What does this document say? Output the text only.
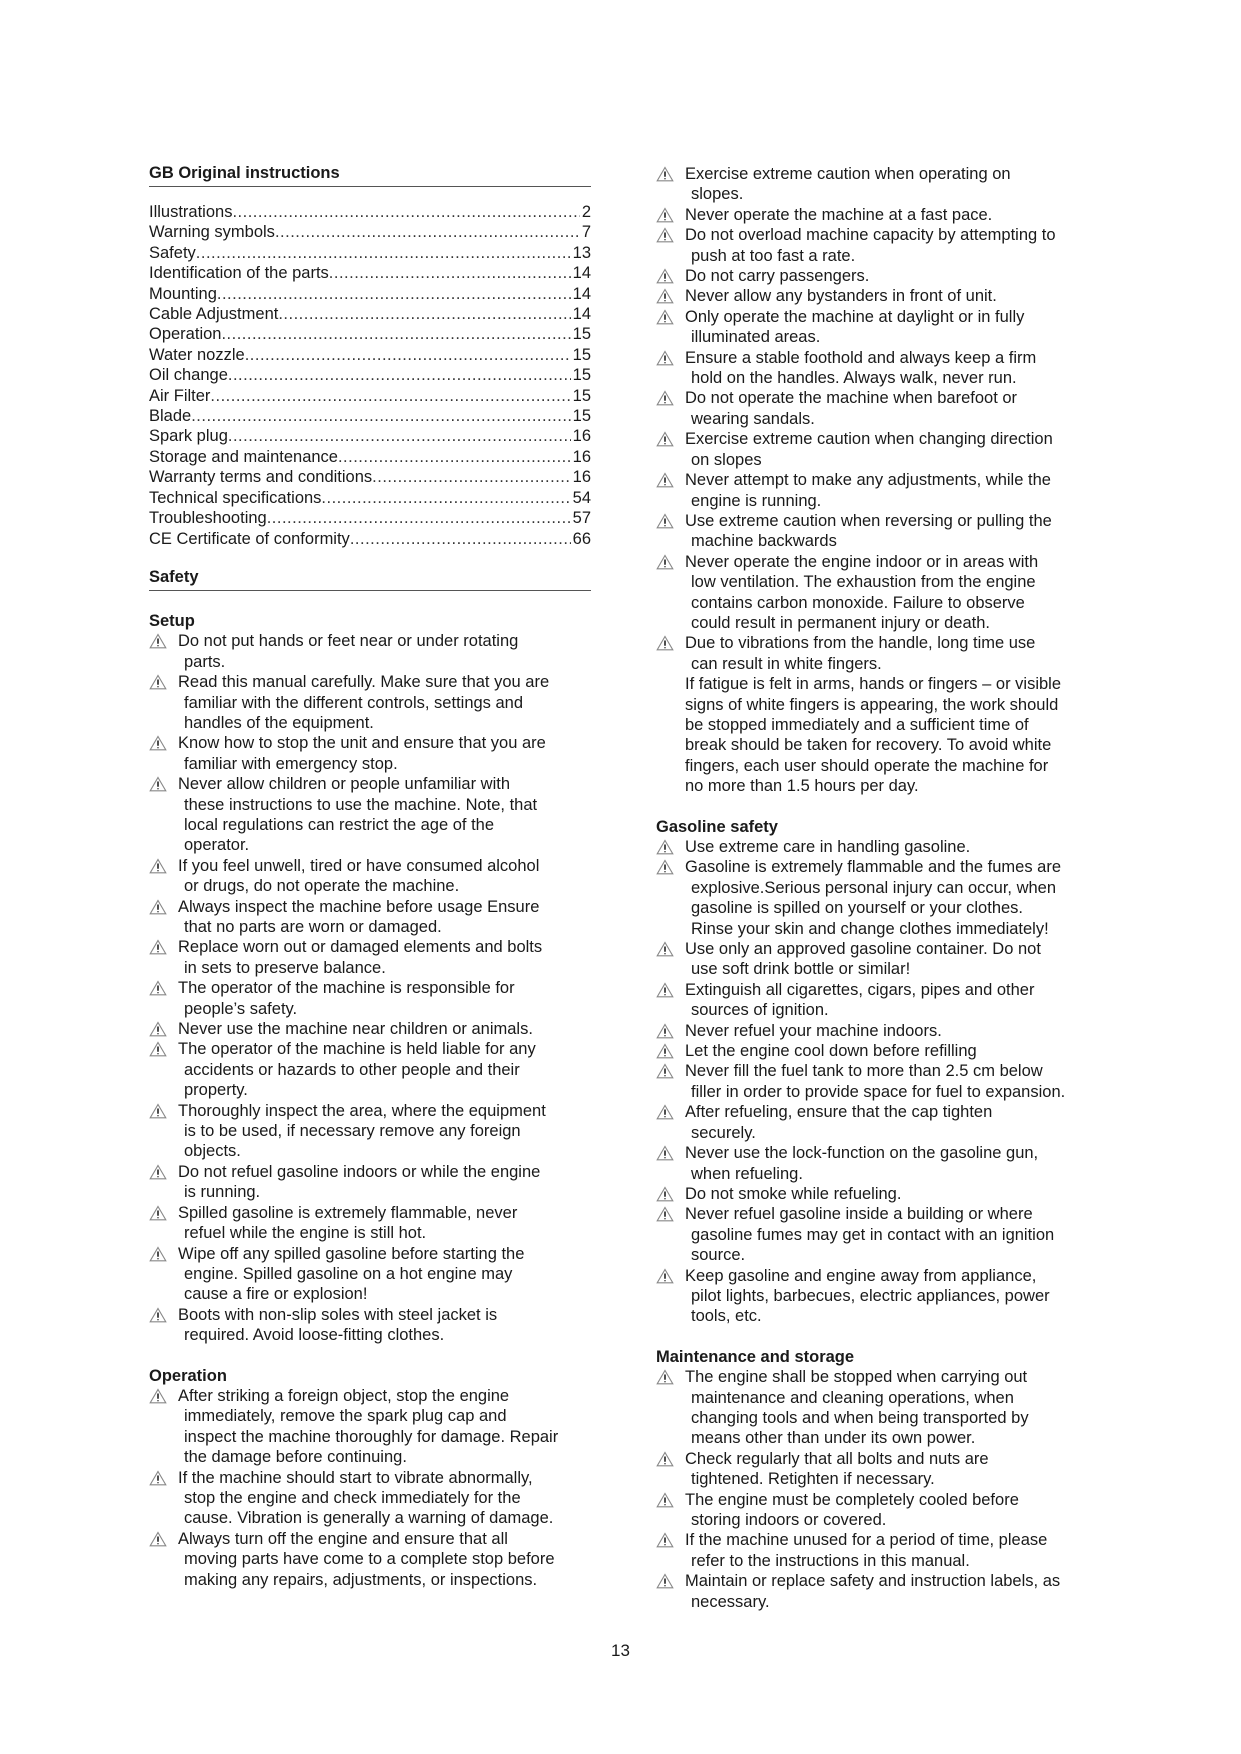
GB Original instructions
Illustrations .....	2
Warning symbols .....	7
Safety .....	13
Identification of the parts .....	14
Mounting .....	14
Cable Adjustment .....	14
Operation .....	15
Water nozzle .....	15
Oil change .....	15
Air Filter .....	15
Blade .....	15
Spark plug .....	16
Storage and maintenance .....	16
Warranty terms and conditions .....	16
Technical specifications .....	54
Troubleshooting .....	57
CE Certificate of conformity .....	66
Safety
Setup
Do not put hands or feet near or under rotating
parts.
Read this manual carefully. Make sure that you are
familiar with the different controls, settings and
handles of the equipment.
Know how to stop the unit and ensure that you are
familiar with emergency stop.
Never allow children or people unfamiliar with
these instructions to use the machine. Note, that
local regulations can restrict the age of the
operator.
If you feel unwell, tired or have consumed alcohol
or drugs, do not operate the machine.
Always inspect the machine before usage Ensure
that no parts are worn or damaged.
Replace worn out or damaged elements and bolts
in sets to preserve balance.
The operator of the machine is responsible for
people’s safety.
Never use the machine near children or animals.
The operator of the machine is held liable for any
accidents or hazards to other people and their
property.
Thoroughly inspect the area, where the equipment
is to be used, if necessary remove any foreign
objects.
Do not refuel gasoline indoors or while the engine
is running.
Spilled gasoline is extremely flammable, never
refuel while the engine is still hot.
Wipe off any spilled gasoline before starting the
engine. Spilled gasoline on a hot engine may
cause a fire or explosion!
Boots with non-slip soles with steel jacket is
required. Avoid loose-fitting clothes.
Operation
After striking a foreign object, stop the engine
immediately, remove the spark plug cap and
inspect the machine thoroughly for damage. Repair
the damage before continuing.
If the machine should start to vibrate abnormally,
stop the engine and check immediately for the
cause. Vibration is generally a warning of damage.
Always turn off the engine and ensure that all
moving parts have come to a complete stop before
making any repairs, adjustments, or inspections.
Exercise extreme caution when operating on
slopes.
Never operate the machine at a fast pace.
Do not overload machine capacity by attempting to
push at too fast a rate.
Do not carry passengers.
Never allow any bystanders in front of unit.
Only operate the machine at daylight or in fully
illuminated areas.
Ensure a stable foothold and always keep a firm
hold on the handles. Always walk, never run.
Do not operate the machine when barefoot or
wearing sandals.
Exercise extreme caution when changing direction
on slopes
Never attempt to make any adjustments, while the
engine is running.
Use extreme caution when reversing or pulling the
machine backwards
Never operate the engine indoor or in areas with
low ventilation. The exhaustion from the engine
contains carbon monoxide. Failure to observe
could result in permanent injury or death.
Due to vibrations from the handle, long time use
can result in white fingers.
If fatigue is felt in arms, hands or fingers – or visible
signs of white fingers is appearing, the work should
be stopped immediately and a sufficient time of
break should be taken for recovery. To avoid white
fingers, each user should operate the machine for
no more than 1.5 hours per day.
Gasoline safety
Use extreme care in handling gasoline.
Gasoline is extremely flammable and the fumes are
explosive.Serious personal injury can occur, when
gasoline is spilled on yourself or your clothes.
Rinse your skin and change clothes immediately!
Use only an approved gasoline container. Do not
use soft drink bottle or similar!
Extinguish all cigarettes, cigars, pipes and other
sources of ignition.
Never refuel your machine indoors.
Let the engine cool down before refilling
Never fill the fuel tank to more than 2.5 cm below
filler in order to provide space for fuel to expansion.
After refueling, ensure that the cap tighten
securely.
Never use the lock-function on the gasoline gun,
when refueling.
Do not smoke while refueling.
Never refuel gasoline inside a building or where
gasoline fumes may get in contact with an ignition
source.
Keep gasoline and engine away from appliance,
pilot lights, barbecues, electric appliances, power
tools, etc.
Maintenance and storage
The engine shall be stopped when carrying out
maintenance and cleaning operations, when
changing tools and when being transported by
means other than under its own power.
Check regularly that all bolts and nuts are
tightened. Retighten if necessary.
The engine must be completely cooled before
storing indoors or covered.
If the machine unused for a period of time, please
refer to the instructions in this manual.
Maintain or replace safety and instruction labels, as
necessary.
13
